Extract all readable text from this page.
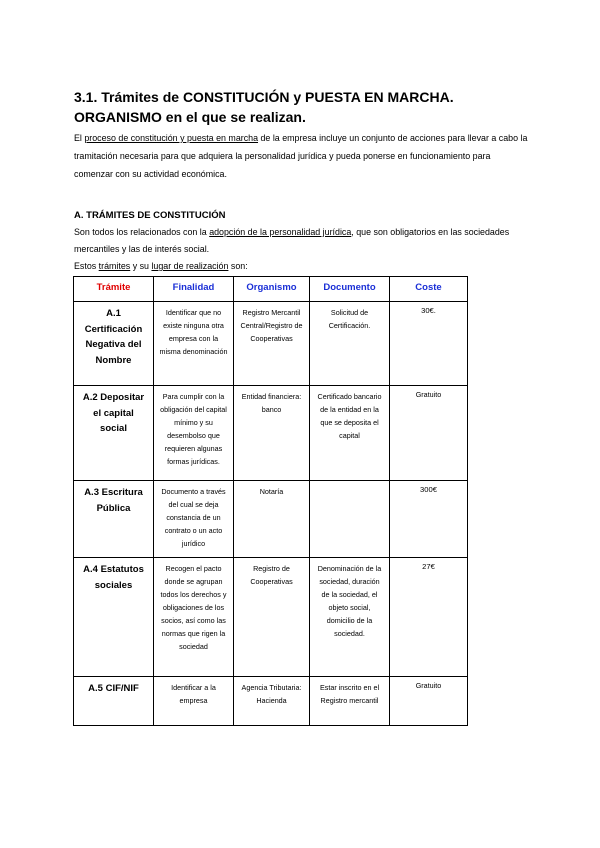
3.1. Trámites de CONSTITUCIÓN y PUESTA EN MARCHA. ORGANISMO en el que se realizan.

El proceso de constitución y puesta en marcha de la empresa incluye un conjunto de acciones para llevar a cabo la tramitación necesaria para que adquiera la personalidad jurídica y pueda ponerse en funcionamiento para comenzar con su actividad económica.

A. TRÁMITES DE CONSTITUCIÓN
Son todos los relacionados con la adopción de la personalidad jurídica, que son obligatorios en las sociedades mercantiles y las de interés social.
Estos trámites y su lugar de realización son:
Trámite	Finalidad	Organismo	Documento	Coste
A.1 Certificación Negativa del Nombre	Identificar que no existe ninguna otra empresa con la misma denominación	Registro Mercantil Central/Registro de Cooperativas	Solicitud de Certificación.	30€.
A.2 Depositar el capital social	Para cumplir con la obligación del capital mínimo y su desembolso que requieren algunas formas jurídicas.	Entidad financiera: banco	Certificado bancario de la entidad en la que se deposita el capital	Gratuito
A.3 Escritura Pública	Documento a través del cual se deja constancia de un contrato o un acto jurídico	Notaría		300€
A.4 Estatutos sociales	Recogen el pacto donde se agrupan todos los derechos y obligaciones de los socios, así como las normas que rigen la sociedad	Registro de Cooperativas	Denominación de la sociedad, duración de la sociedad, el objeto social, domicilio de la sociedad.	27€
A.5 CIF/NIF	Identificar a la empresa	Agencia Tributaria: Hacienda	Estar inscrito en el Registro mercantil	Gratuito
